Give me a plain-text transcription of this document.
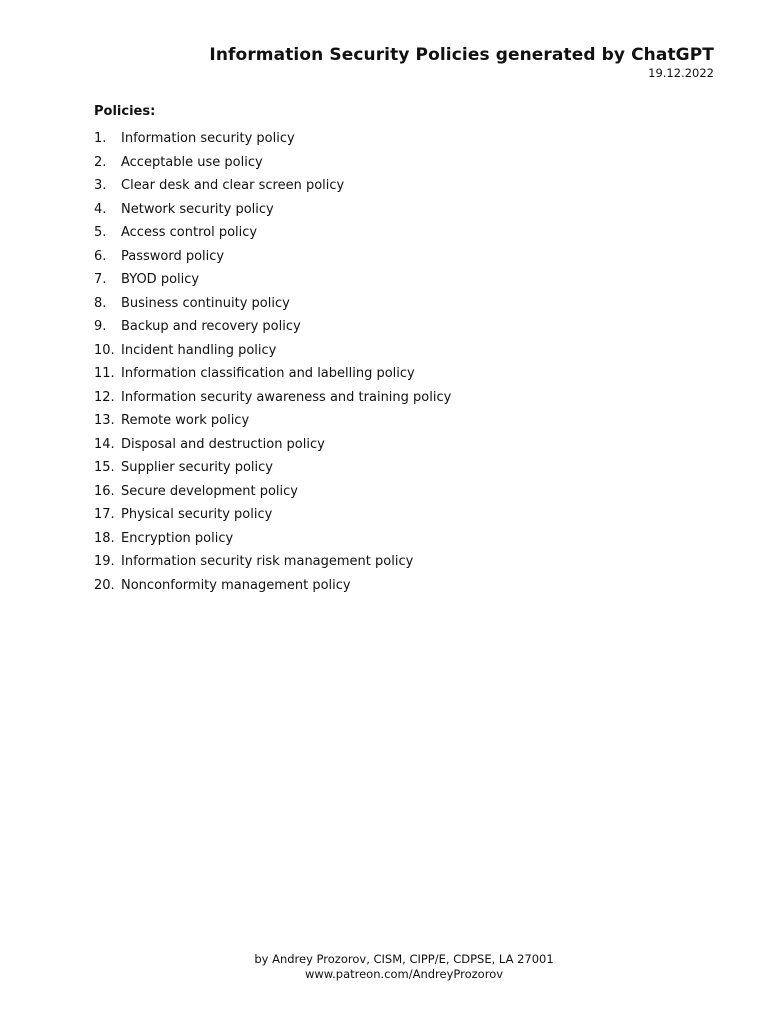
Information Security Policies generated by ChatGPT
19.12.2022
Policies:
1.	Information security policy
2.	Acceptable use policy
3.	Clear desk and clear screen policy
4.	Network security policy
5.	Access control policy
6.	Password policy
7.	BYOD policy
8.	Business continuity policy
9.	Backup and recovery policy
10. Incident handling policy
11. Information classification and labelling policy
12. Information security awareness and training policy
13. Remote work policy
14. Disposal and destruction policy
15. Supplier security policy
16. Secure development policy
17. Physical security policy
18. Encryption policy
19. Information security risk management policy
20. Nonconformity management policy
by Andrey Prozorov, CISM, CIPP/E, CDPSE, LA 27001
www.patreon.com/AndreyProzorov
